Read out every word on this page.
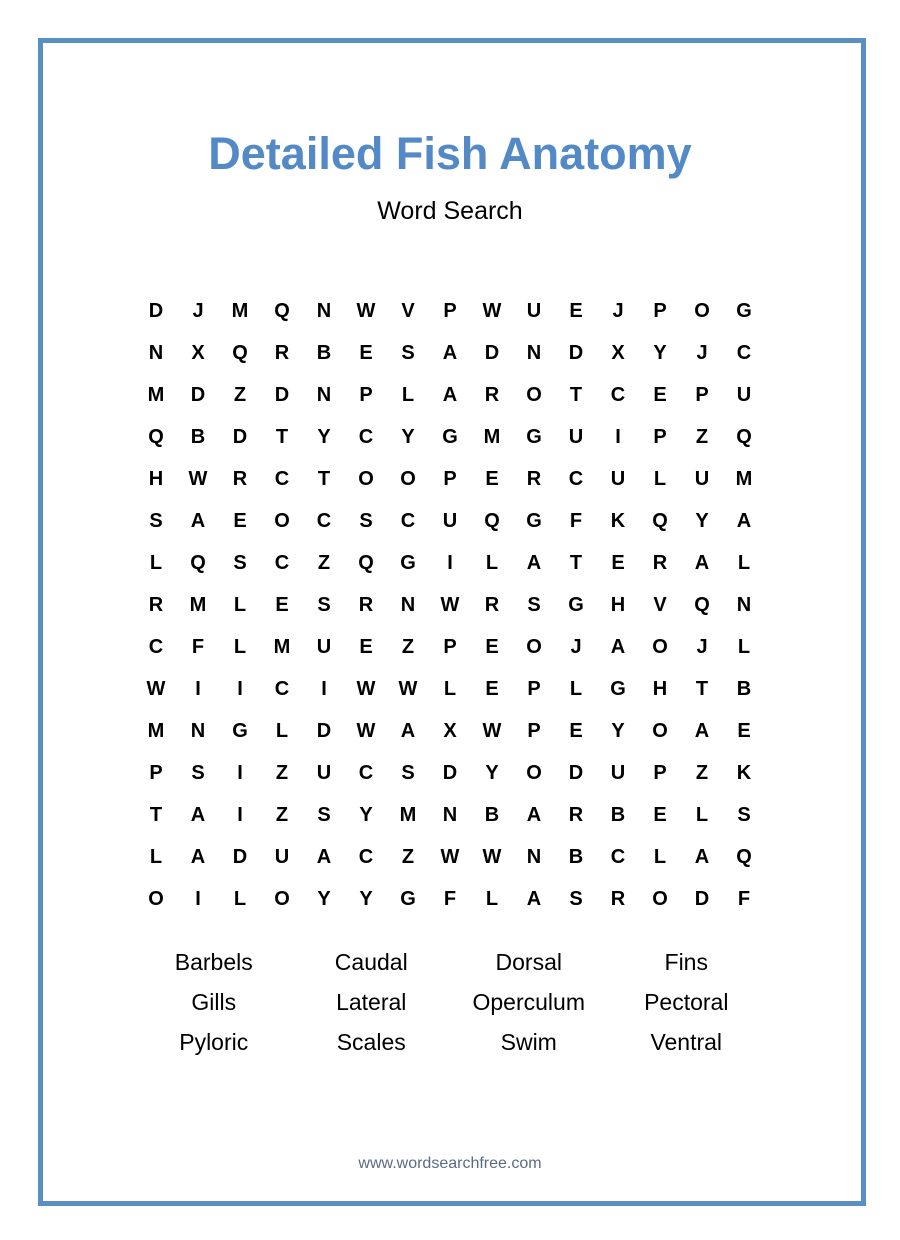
Detailed Fish Anatomy
Word Search
D	J	M	Q	N	W	V	P	W	U	E	J	P	O	G
N	X	Q	R	B	E	S	A	D	N	D	X	Y	J	C
M	D	Z	D	N	P	L	A	R	O	T	C	E	P	U
Q	B	D	T	Y	C	Y	G	M	G	U	I	P	Z	Q
H	W	R	C	T	O	O	P	E	R	C	U	L	U	M
S	A	E	O	C	S	C	U	Q	G	F	K	Q	Y	A
L	Q	S	C	Z	Q	G	I	L	A	T	E	R	A	L
R	M	L	E	S	R	N	W	R	S	G	H	V	Q	N
C	F	L	M	U	E	Z	P	E	O	J	A	O	J	L
W	I	I	C	I	W	W	L	E	P	L	G	H	T	B
M	N	G	L	D	W	A	X	W	P	E	Y	O	A	E
P	S	I	Z	U	C	S	D	Y	O	D	U	P	Z	K
T	A	I	Z	S	Y	M	N	B	A	R	B	E	L	S
L	A	D	U	A	C	Z	W	W	N	B	C	L	A	Q
O	I	L	O	Y	Y	G	F	L	A	S	R	O	D	F
Barbels	Caudal	Dorsal	Fins
Gills	Lateral	Operculum	Pectoral
Pyloric	Scales	Swim	Ventral
www.wordsearchfree.com
